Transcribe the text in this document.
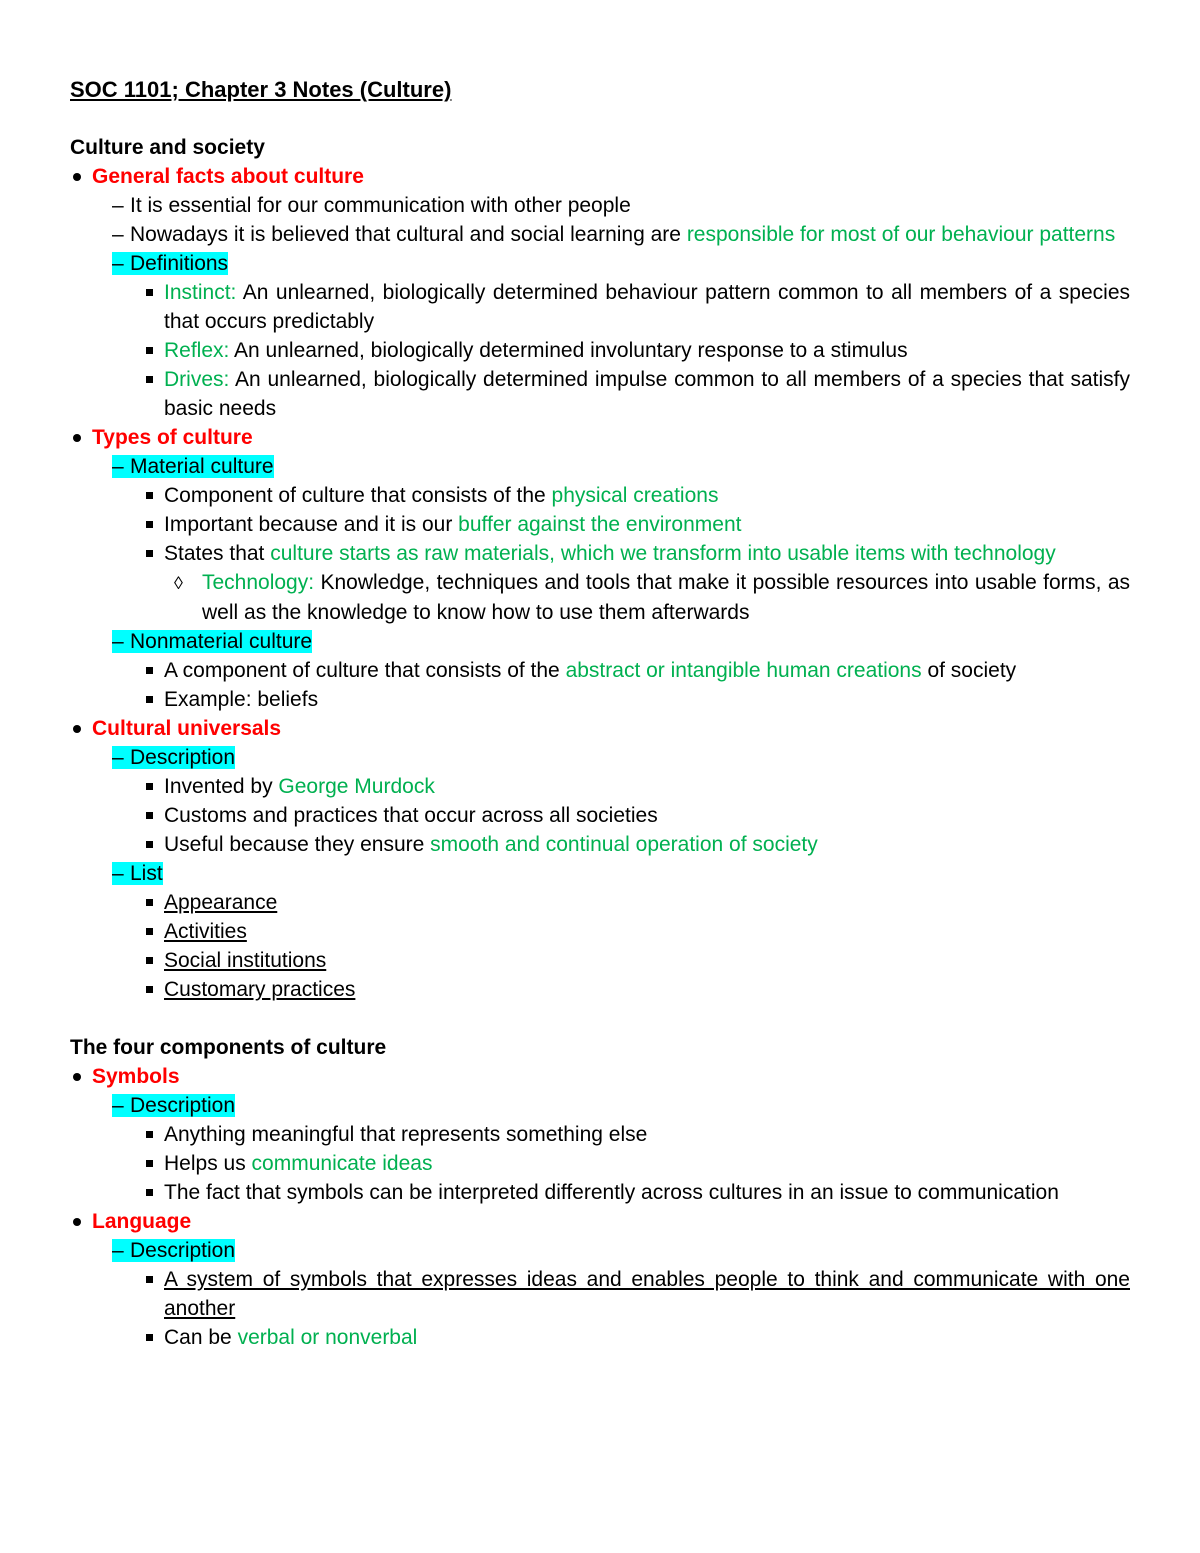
SOC 1101; Chapter 3 Notes (Culture)
Culture and society
General facts about culture
– It is essential for our communication with other people
– Nowadays it is believed that cultural and social learning are responsible for most of our behaviour patterns
– Definitions
Instinct: An unlearned, biologically determined behaviour pattern common to all members of a species that occurs predictably
Reflex: An unlearned, biologically determined involuntary response to a stimulus
Drives: An unlearned, biologically determined impulse common to all members of a species that satisfy basic needs
Types of culture
– Material culture
Component of culture that consists of the physical creations
Important because and it is our buffer against the environment
States that culture starts as raw materials, which we transform into usable items with technology
◊ Technology: Knowledge, techniques and tools that make it possible resources into usable forms, as well as the knowledge to know how to use them afterwards
– Nonmaterial culture
A component of culture that consists of the abstract or intangible human creations of society
Example: beliefs
Cultural universals
– Description
Invented by George Murdock
Customs and practices that occur across all societies
Useful because they ensure smooth and continual operation of society
– List
Appearance
Activities
Social institutions
Customary practices
The four components of culture
Symbols
– Description
Anything meaningful that represents something else
Helps us communicate ideas
The fact that symbols can be interpreted differently across cultures in an issue to communication
Language
– Description
A system of symbols that expresses ideas and enables people to think and communicate with one another
Can be verbal or nonverbal
